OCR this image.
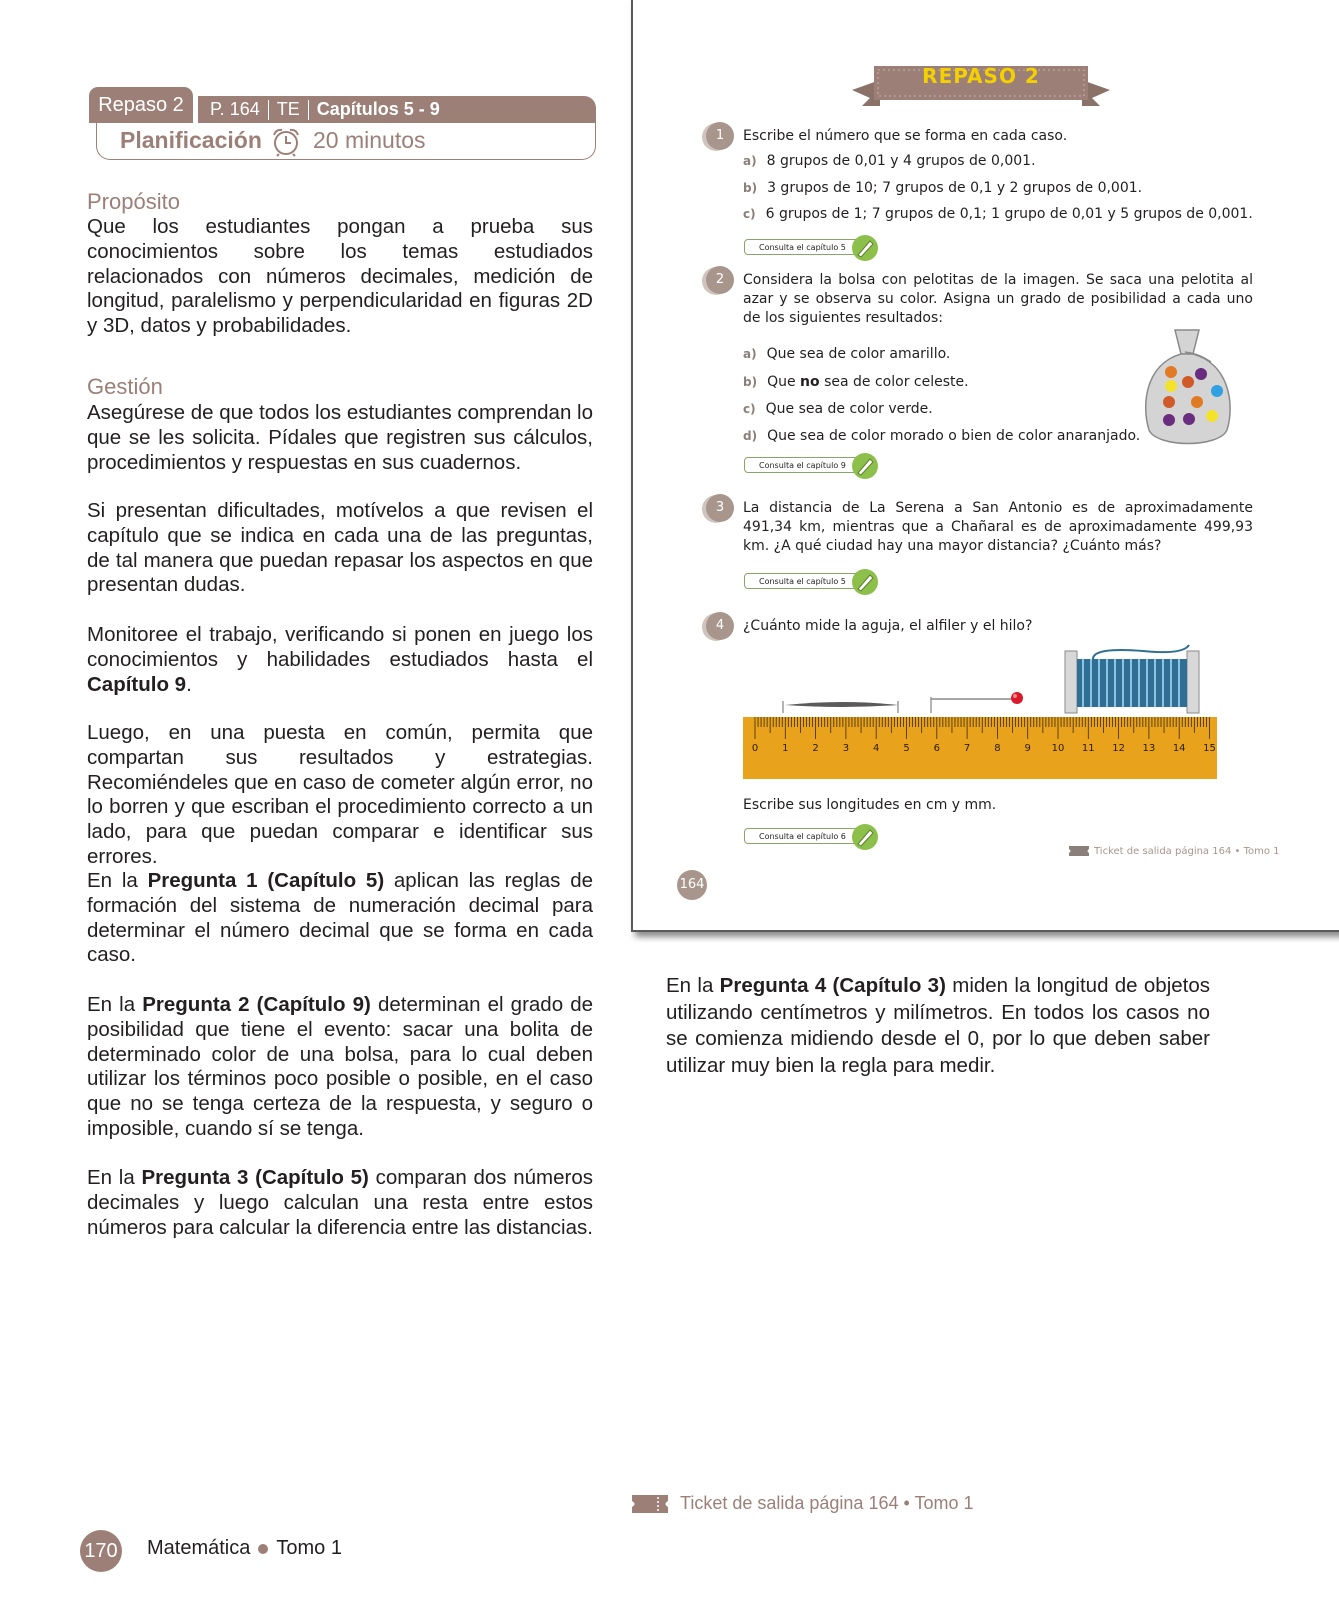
Repaso 2	P. 164 TE Capítulos 5 - 9
Planificación 20 minutos
Propósito

Que los estudiantes pongan a prueba sus conocimientos sobre los temas estudiados relacionados con números decimales, medición de longitud, paralelismo y perpendicularidad en figuras 2D y 3D, datos y probabilidades.

Gestión

Asegúrese de que todos los estudiantes comprendan lo que se les solicita. Pídales que registren sus cálculos, procedimientos y respuestas en sus cuadernos.

Si presentan dificultades, motívelos a que revisen el capítulo que se indica en cada una de las preguntas, de tal manera que puedan repasar los aspectos en que presentan dudas.

Monitoree el trabajo, verificando si ponen en juego los conocimientos y habilidades estudiados hasta el Capítulo 9.

Luego, en una puesta en común, permita que compartan sus resultados y estrategias. Recomiéndeles que en caso de cometer algún error, no lo borren y que escriban el procedimiento correcto a un lado, para que puedan comparar e identificar sus errores.

En la Pregunta 1 (Capítulo 5) aplican las reglas de formación del sistema de numeración decimal para determinar el número decimal que se forma en cada caso.

En la Pregunta 2 (Capítulo 9) determinan el grado de posibilidad que tiene el evento: sacar una bolita de determinado color de una bolsa, para lo cual deben utilizar los términos poco posible o posible, en el caso que no se tenga certeza de la respuesta, y seguro o imposible, cuando sí se tenga.

En la Pregunta 3 (Capítulo 5) comparan dos números decimales y luego calculan una resta entre estos números para calcular la diferencia entre las distancias.

REPASO 2
1	Escribe el número que se forma en cada caso.
a) 8 grupos de 0,01 y 4 grupos de 0,001.
b) 3 grupos de 10; 7 grupos de 0,1 y 2 grupos de 0,001.
c) 6 grupos de 1; 7 grupos de 0,1; 1 grupo de 0,01 y 5 grupos de 0,001.
Consulta el capítulo 5
2	Considera la bolsa con pelotitas de la imagen. Se saca una pelotita al azar y se observa su color. Asigna un grado de posibilidad a cada uno de los siguientes resultados:
a) Que sea de color amarillo.
b) Que no sea de color celeste.
c) Que sea de color verde.
d) Que sea de color morado o bien de color anaranjado.
Consulta el capítulo 9
3	La distancia de La Serena a San Antonio es de aproximadamente 491,34 km, mientras que a Chañaral es de aproximadamente 499,93 km. ¿A qué ciudad hay una mayor distancia? ¿Cuánto más?
Consulta el capítulo 5
4	¿Cuánto mide la aguja, el alfiler y el hilo?
0	1	2	3	4	5	6	7	8	9	10	11	12	13	14	15
Escribe sus longitudes en cm y mm.
Consulta el capítulo 6
Ticket de salida página 164 • Tomo 1
164

En la Pregunta 4 (Capítulo 3) miden la longitud de objetos utilizando centímetros y milímetros. En todos los casos no se comienza midiendo desde el 0, por lo que deben saber utilizar muy bien la regla para medir.

Ticket de salida página 164 • Tomo 1
170 Matemática Tomo 1
